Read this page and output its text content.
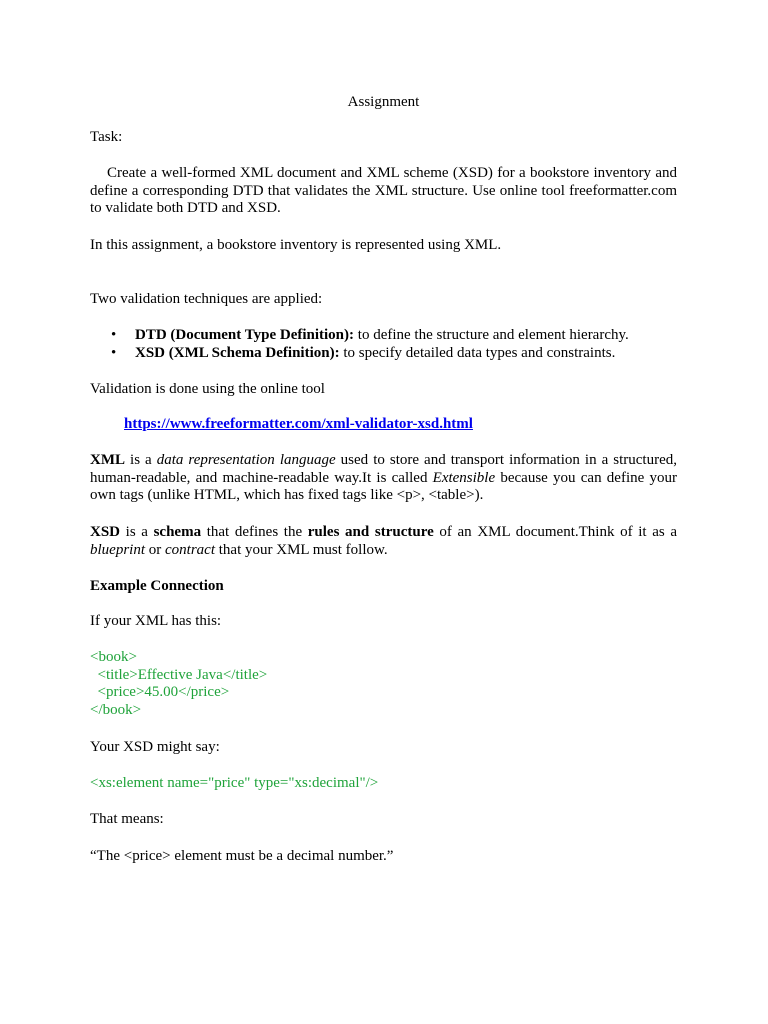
Assignment

Task:

Create a well-formed XML document and XML scheme (XSD) for a bookstore inventory and define a corresponding DTD that validates the XML structure. Use online tool freeformatter.com to validate both DTD and XSD.

In this assignment, a bookstore inventory is represented using XML.

Two validation techniques are applied:

• DTD (Document Type Definition): to define the structure and element hierarchy.
• XSD (XML Schema Definition): to specify detailed data types and constraints.

Validation is done using the online tool

https://www.freeformatter.com/xml-validator-xsd.html

XML is a data representation language used to store and transport information in a structured, human-readable, and machine-readable way.It is called Extensible because you can define your own tags (unlike HTML, which has fixed tags like <p>, <table>).

XSD is a schema that defines the rules and structure of an XML document.Think of it as a blueprint or contract that your XML must follow.

Example Connection

If your XML has this:

<book>
<title>Effective Java</title>
<price>45.00</price>
</book>

Your XSD might say:

<xs:element name="price" type="xs:decimal"/>

That means:

“The <price> element must be a decimal number.”
